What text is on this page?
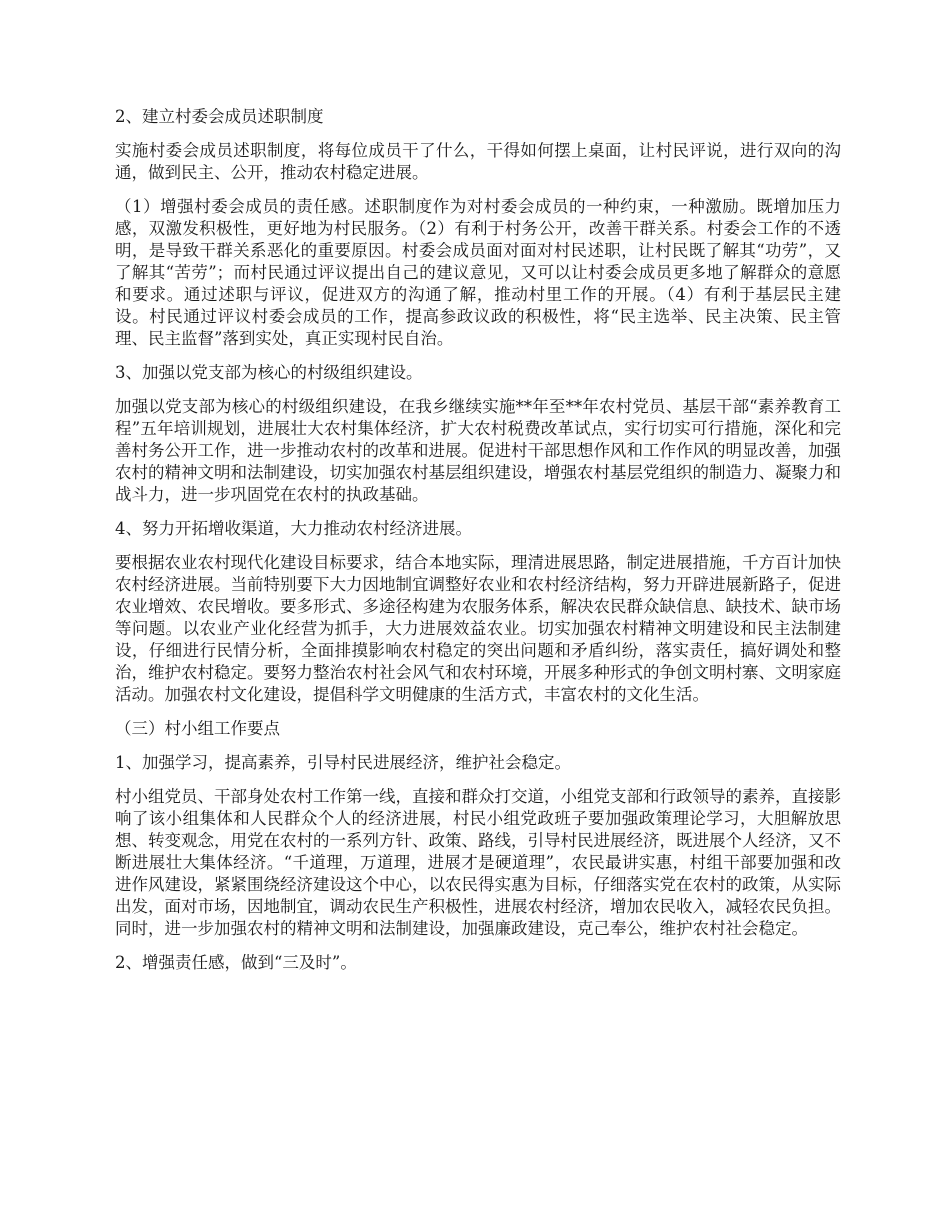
2、建立村委会成员述职制度
实施村委会成员述职制度，将每位成员干了什么，干得如何摆上桌面，让村民评说，进行双向的沟通，做到民主、公开，推动农村稳定进展。
（1）增强村委会成员的责任感。述职制度作为对村委会成员的一种约束，一种激励。既增加压力感，双激发积极性，更好地为村民服务。（2）有利于村务公开，改善干群关系。村委会工作的不透明，是导致干群关系恶化的重要原因。村委会成员面对面对村民述职，让村民既了解其“功劳”，又了解其“苦劳”；而村民通过评议提出自己的建议意见，又可以让村委会成员更多地了解群众的意愿和要求。通过述职与评议，促进双方的沟通了解，推动村里工作的开展。（4）有利于基层民主建设。村民通过评议村委会成员的工作，提高参政议政的积极性，将“民主选举、民主决策、民主管理、民主监督”落到实处，真正实现村民自治。
3、加强以党支部为核心的村级组织建设。
加强以党支部为核心的村级组织建设，在我乡继续实施**年至**年农村党员、基层干部“素养教育工程”五年培训规划，进展壮大农村集体经济，扩大农村税费改革试点，实行切实可行措施，深化和完善村务公开工作，进一步推动农村的改革和进展。促进村干部思想作风和工作作风的明显改善，加强农村的精神文明和法制建设，切实加强农村基层组织建设，增强农村基层党组织的制造力、凝聚力和战斗力，进一步巩固党在农村的执政基础。
4、努力开拓增收渠道，大力推动农村经济进展。
要根据农业农村现代化建设目标要求，结合本地实际，理清进展思路，制定进展措施，千方百计加快农村经济进展。当前特别要下大力因地制宜调整好农业和农村经济结构，努力开辟进展新路子，促进农业增效、农民增收。要多形式、多途径构建为农服务体系，解决农民群众缺信息、缺技术、缺市场等问题。以农业产业化经营为抓手，大力进展效益农业。切实加强农村精神文明建设和民主法制建设，仔细进行民情分析，全面排摸影响农村稳定的突出问题和矛盾纠纷，落实责任，搞好调处和整治，维护农村稳定。要努力整治农村社会风气和农村环境，开展多种形式的争创文明村寨、文明家庭活动。加强农村文化建设，提倡科学文明健康的生活方式，丰富农村的文化生活。
（三）村小组工作要点
1、加强学习，提高素养，引导村民进展经济，维护社会稳定。
村小组党员、干部身处农村工作第一线，直接和群众打交道，小组党支部和行政领导的素养，直接影响了该小组集体和人民群众个人的经济进展，村民小组党政班子要加强政策理论学习，大胆解放思想、转变观念，用党在农村的一系列方针、政策、路线，引导村民进展经济，既进展个人经济，又不断进展壮大集体经济。“千道理，万道理，进展才是硬道理”，农民最讲实惠，村组干部要加强和改进作风建设，紧紧围绕经济建设这个中心，以农民得实惠为目标，仔细落实党在农村的政策，从实际出发，面对市场，因地制宜，调动农民生产积极性，进展农村经济，增加农民收入，减轻农民负担。同时，进一步加强农村的精神文明和法制建设，加强廉政建设，克己奉公，维护农村社会稳定。
2、增强责任感，做到“三及时”。
